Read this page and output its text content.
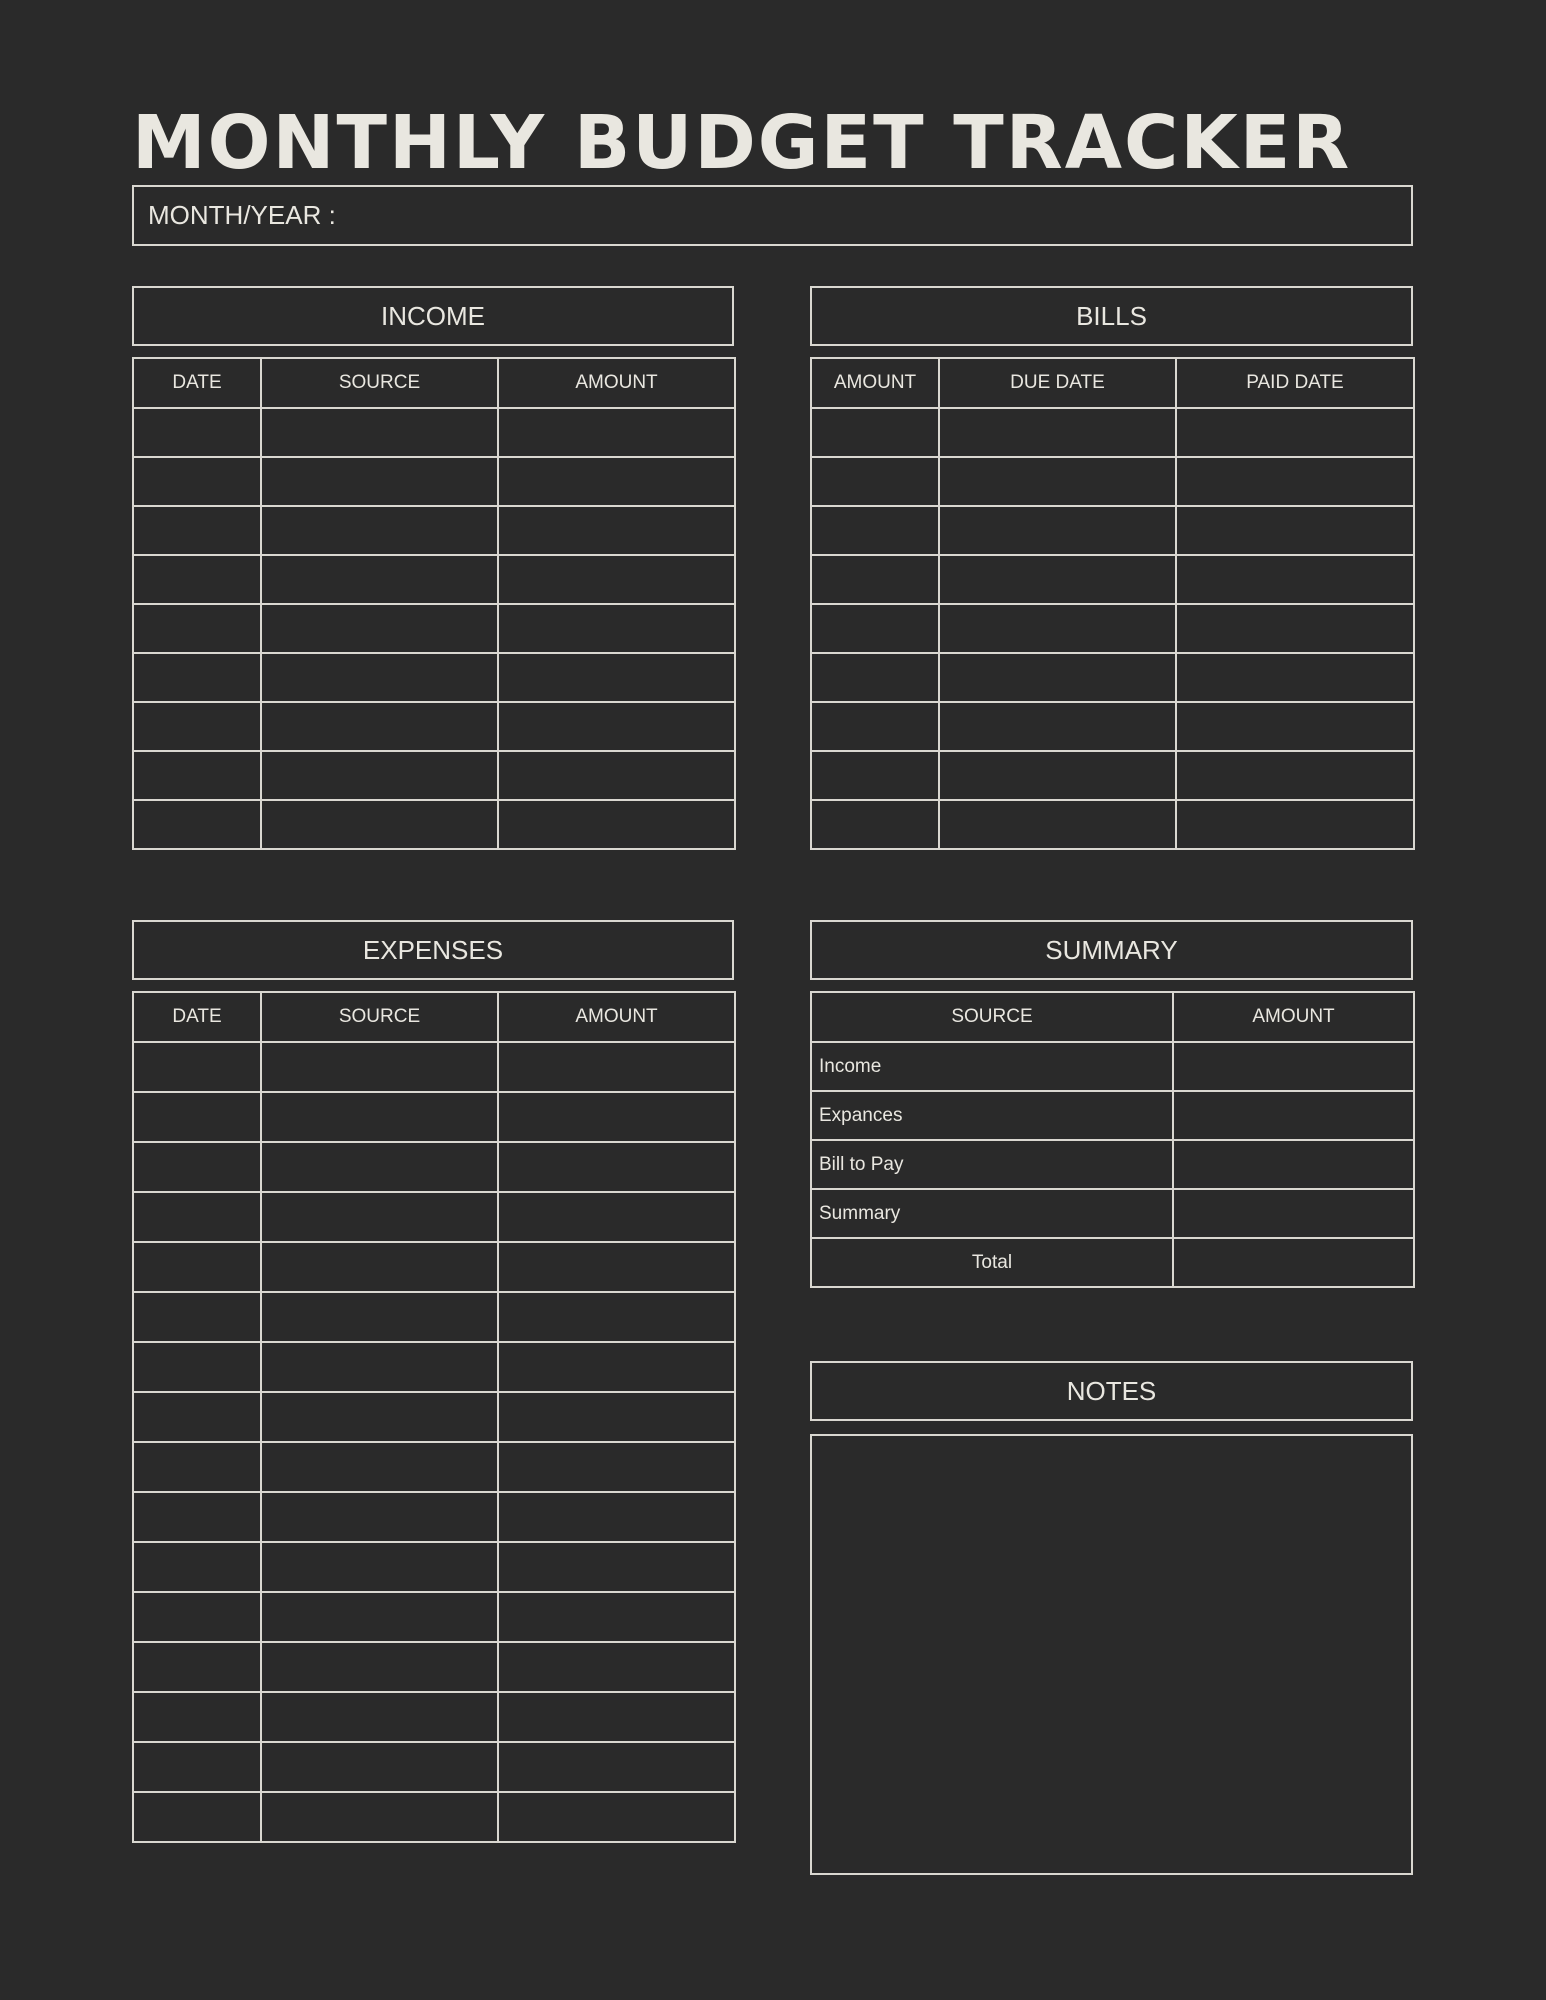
MONTHLY BUDGET TRACKER
MONTH/YEAR :
INCOME
DATE	SOURCE	AMOUNT

BILLS
AMOUNT	DUE DATE	PAID DATE

EXPENSES
DATE	SOURCE	AMOUNT

SUMMARY
SOURCE	AMOUNT
Income	
Expances	
Bill to Pay	
Summary	
Total	
NOTES
